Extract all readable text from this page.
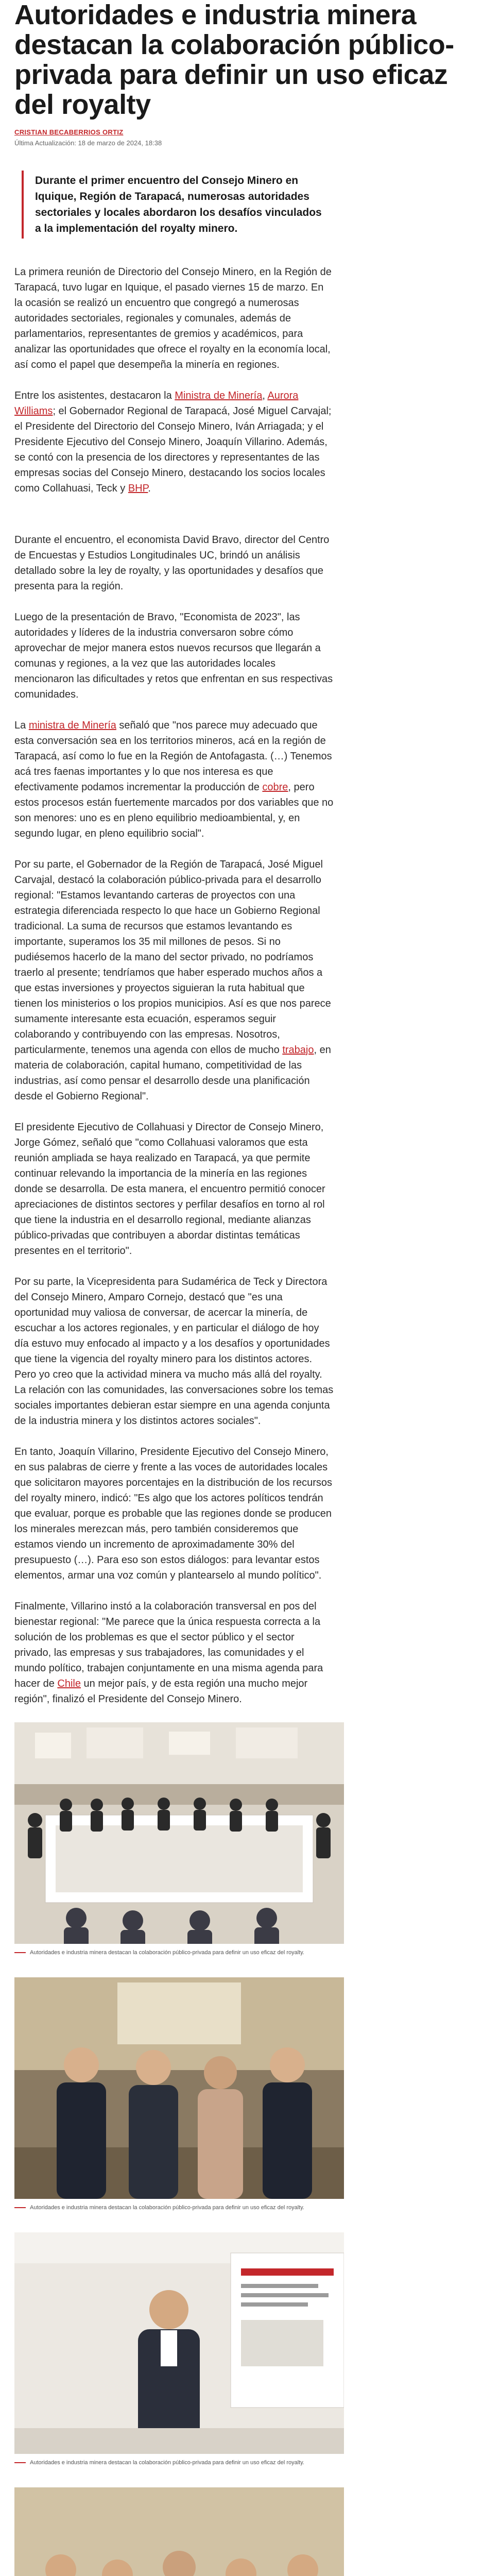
Autoridades e industria minera destacan la colaboración público-privada para definir un uso eficaz del royalty
CRISTIAN BECABERRIOS ORTIZ
Última Actualización: 18 de marzo de 2024, 18:38
Durante el primer encuentro del Consejo Minero en Iquique, Región de Tarapacá, numerosas autoridades sectoriales y locales abordaron los desafíos vinculados a la implementación del royalty minero.

La primera reunión de Directorio del Consejo Minero, en la Región de Tarapacá, tuvo lugar en Iquique, el pasado viernes 15 de marzo. En la ocasión se realizó un encuentro que congregó a numerosas autoridades sectoriales, regionales y comunales, además de parlamentarios, representantes de gremios y académicos, para analizar las oportunidades que ofrece el royalty en la economía local, así como el papel que desempeña la minería en regiones.

Entre los asistentes, destacaron la Ministra de Minería, Aurora Williams; el Gobernador Regional de Tarapacá, José Miguel Carvajal; el Presidente del Directorio del Consejo Minero, Iván Arriagada; y el Presidente Ejecutivo del Consejo Minero, Joaquín Villarino. Además, se contó con la presencia de los directores y representantes de las empresas socias del Consejo Minero, destacando los socios locales como Collahuasi, Teck y BHP.

Durante el encuentro, el economista David Bravo, director del Centro de Encuestas y Estudios Longitudinales UC, brindó un análisis detallado sobre la ley de royalty, y las oportunidades y desafíos que presenta para la región.

Luego de la presentación de Bravo, "Economista de 2023", las autoridades y líderes de la industria conversaron sobre cómo aprovechar de mejor manera estos nuevos recursos que llegarán a comunas y regiones, a la vez que las autoridades locales mencionaron las dificultades y retos que enfrentan en sus respectivas comunidades.

La ministra de Minería señaló que "nos parece muy adecuado que esta conversación sea en los territorios mineros, acá en la región de Tarapacá, así como lo fue en la Región de Antofagasta. (…) Tenemos acá tres faenas importantes y lo que nos interesa es que efectivamente podamos incrementar la producción de cobre, pero estos procesos están fuertemente marcados por dos variables que no son menores: uno es en pleno equilibrio medioambiental, y, en segundo lugar, en pleno equilibrio social".

Por su parte, el Gobernador de la Región de Tarapacá, José Miguel Carvajal, destacó la colaboración público-privada para el desarrollo regional: "Estamos levantando carteras de proyectos con una estrategia diferenciada respecto lo que hace un Gobierno Regional tradicional. La suma de recursos que estamos levantando es importante, superamos los 35 mil millones de pesos. Si no pudiésemos hacerlo de la mano del sector privado, no podríamos traerlo al presente; tendríamos que haber esperado muchos años a que estas inversiones y proyectos siguieran la ruta habitual que tienen los ministerios o los propios municipios. Así es que nos parece sumamente interesante esta ecuación, esperamos seguir colaborando y contribuyendo con las empresas. Nosotros, particularmente, tenemos una agenda con ellos de mucho trabajo, en materia de colaboración, capital humano, competitividad de las industrias, así como pensar el desarrollo desde una planificación desde el Gobierno Regional".

El presidente Ejecutivo de Collahuasi y Director de Consejo Minero, Jorge Gómez, señaló que "como Collahuasi valoramos que esta reunión ampliada se haya realizado en Tarapacá, ya que permite continuar relevando la importancia de la minería en las regiones donde se desarrolla. De esta manera, el encuentro permitió conocer apreciaciones de distintos sectores y perfilar desafíos en torno al rol que tiene la industria en el desarrollo regional, mediante alianzas público-privadas que contribuyen a abordar distintas temáticas presentes en el territorio".

Por su parte, la Vicepresidenta para Sudamérica de Teck y Directora del Consejo Minero, Amparo Cornejo, destacó que "es una oportunidad muy valiosa de conversar, de acercar la minería, de escuchar a los actores regionales, y en particular el diálogo de hoy día estuvo muy enfocado al impacto y a los desafíos y oportunidades que tiene la vigencia del royalty minero para los distintos actores. Pero yo creo que la actividad minera va mucho más allá del royalty. La relación con las comunidades, las conversaciones sobre los temas sociales importantes debieran estar siempre en una agenda conjunta de la industria minera y los distintos actores sociales".

En tanto, Joaquín Villarino, Presidente Ejecutivo del Consejo Minero, en sus palabras de cierre y frente a las voces de autoridades locales que solicitaron mayores porcentajes en la distribución de los recursos del royalty minero, indicó: "Es algo que los actores políticos tendrán que evaluar, porque es probable que las regiones donde se producen los minerales merezcan más, pero también consideremos que estamos viendo un incremento de aproximadamente 30% del presupuesto (…). Para eso son estos diálogos: para levantar estos elementos, armar una voz común y plantearselo al mundo político".

Finalmente, Villarino instó a la colaboración transversal en pos del bienestar regional: "Me parece que la única respuesta correcta a la solución de los problemas es que el sector público y el sector privado, las empresas y sus trabajadores, las comunidades y el mundo político, trabajen conjuntamente en una misma agenda para hacer de Chile un mejor país, y de esta región una mucho mejor región", finalizó el Presidente del Consejo Minero.

Autoridades e industria minera destacan la colaboración público-privada para definir un uso eficaz del royalty.
Autoridades e industria minera destacan la colaboración público-privada para definir un uso eficaz del royalty.
Autoridades e industria minera destacan la colaboración público-privada para definir un uso eficaz del royalty.
